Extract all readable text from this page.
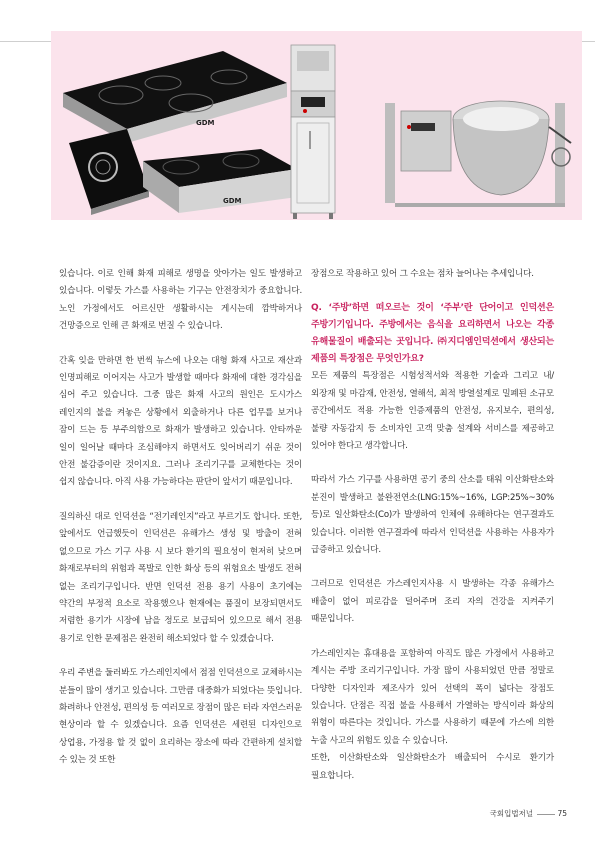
GDM
GDM

있습니다. 이로 인해 화재 피해로 생명을 앗아가는 일도 발생하고 있습니다. 이렇듯 가스를 사용하는 기구는 안전장치가 중요합니다. 노인 가정에서도 어르신만 생활하시는 게시는데 깜박하거나 건망증으로 인해 큰 화재로 번질 수 있습니다.

간혹 잊을 만하면 한 번씩 뉴스에 나오는 대형 화재 사고로 재산과 인명피해로 이어지는 사고가 발생할 때마다 화재에 대한 경각심을 심어 주고 있습니다. 그중 많은 화재 사고의 원인은 도시가스 레인지의 불을 켜놓은 상황에서 외출하거나 다른 업무를 보거나 잠이 드는 등 부주의함으로 화재가 발생하고 있습니다. 안타까운 일이 일어날 때마다 조심해야지 하면서도 잊어버리기 쉬운 것이 안전 불감증이란 것이지요. 그러나 조리기구를 교체한다는 것이 쉽지 않습니다. 아직 사용 가능하다는 판단이 앞서기 때문입니다.

질의하신 대로 인덕션을 “전기레인지”라고 부르기도 합니다. 또한, 앞에서도 언급했듯이 인덕션은 유해가스 생성 및 방출이 전혀 없으므로 가스 기구 사용 시 보다 환기의 필요성이 현저히 낮으며 화재로부터의 위험과 폭발로 인한 화상 등의 위험요소 발생도 전혀 없는 조리기구입니다. 반면 인덕션 전용 용기 사용이 초기에는 약간의 부정적 요소로 작용했으나 현재에는 품질이 보장되면서도 저렴한 용기가 시장에 남을 정도로 보급되어 있으므로 해서 전용 용기로 인한 문제점은 완전히 해소되었다 할 수 있겠습니다.

우리 주변을 둘러봐도 가스레인지에서 점점 인덕션으로 교체하시는 분들이 많이 생기고 있습니다. 그만큼 대중화가 되었다는 뜻입니다. 화려하나 안전성, 편의성 등 여러모로 장점이 많은 터라 자연스러운 현상이라 할 수 있겠습니다. 요즘 인덕션은 세련된 디자인으로 상업용, 가정용 할 것 없이 요리하는 장소에 따라 간편하게 설치할 수 있는 것 또한

장점으로 작용하고 있어 그 수요는 점차 늘어나는 추세입니다.

Q. ‘주방’하면 떠오르는 것이 ‘주부’란 단어이고 인덕션은 주방기기입니다. 주방에서는 음식을 요리하면서 나오는 각종 유해물질이 배출되는 곳입니다. ㈜지디엠인덕션에서 생산되는 제품의 특장점은 무엇인가요?

모든 제품의 특장점은 시험성적서와 적용한 기술과 그리고 내/외장재 및 마감재, 안전성, 열해석, 최적 방열설계로 밀폐된 소규모 공간에서도 적용 가능한 인증제품의 안전성, 유지보수, 편의성, 불량 자동감지 등 소비자인 고객 맞춤 설계와 서비스를 제공하고 있어야 한다고 생각합니다.

따라서 가스 기구를 사용하면 공기 중의 산소를 태워 이산화탄소와 분진이 발생하고 불완전연소(LNG:15%~16%, LGP:25%~30% 등)로 일산화탄소(Co)가 발생하여 인체에 유해하다는 연구결과도 있습니다. 이러한 연구결과에 따라서 인덕션을 사용하는 사용자가 급증하고 있습니다.

그러므로 인덕션은 가스레인지사용 시 발생하는 각종 유해가스 배출이 없어 피로감을 덜어주며 조리 자의 건강을 지켜주기 때문입니다.

가스레인지는 휴대용을 포함하여 아직도 많은 가정에서 사용하고 계시는 주방 조리기구입니다. 가장 많이 사용되었던 만큼 정말로 다양한 디자인과 제조사가 있어 선택의 폭이 넓다는 장점도 있습니다. 단점은 직접 불을 사용해서 가열하는 방식이라 화상의 위험이 따른다는 것입니다. 가스를 사용하기 때문에 가스에 의한 누출 사고의 위험도 있을 수 있습니다.

또한, 이산화탄소와 일산화탄소가 배출되어 수시로 환기가 필요합니다.

국회입법저널	75
